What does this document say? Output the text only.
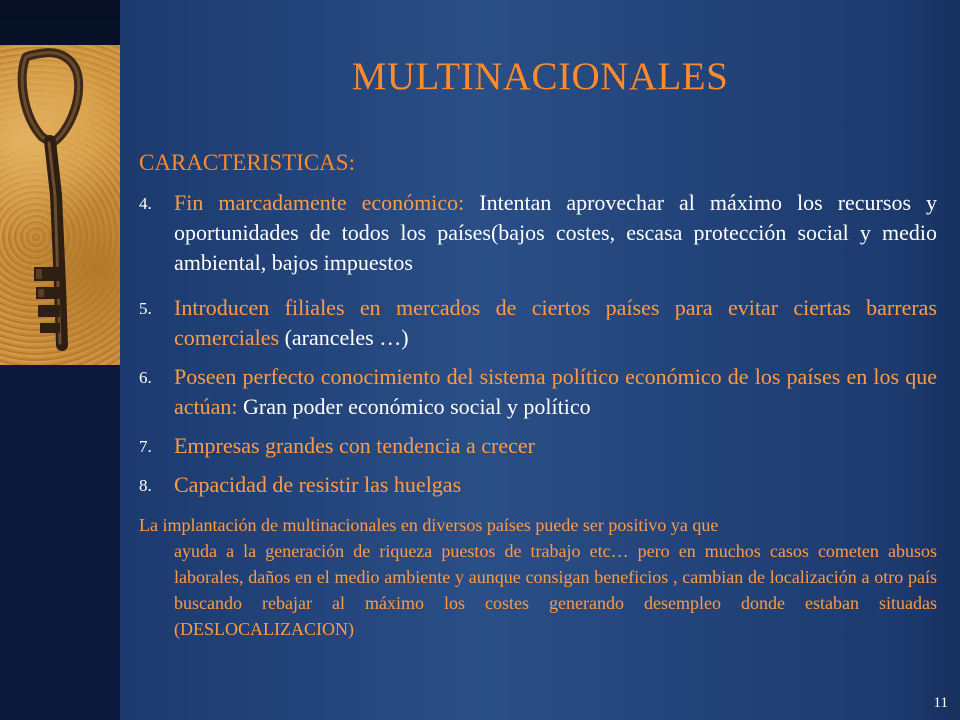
MULTINACIONALES
CARACTERISTICAS:
4. Fin marcadamente económico: Intentan aprovechar al máximo los recursos y oportunidades de todos los países(bajos costes, escasa protección social y medio ambiental, bajos impuestos
5. Introducen filiales en mercados de ciertos países para evitar ciertas barreras comerciales (aranceles …)
6. Poseen perfecto conocimiento del sistema político económico de los países en los que actúan: Gran poder económico social y político
7. Empresas grandes con tendencia a crecer
8. Capacidad de resistir las huelgas
La implantación de multinacionales en diversos países puede ser positivo ya que
ayuda a la generación de riqueza puestos de trabajo etc… pero en muchos casos cometen abusos laborales, daños en el medio ambiente y aunque consigan beneficios , cambian de localización a otro país buscando rebajar al máximo los costes generando desempleo donde estaban situadas (DESLOCALIZACION)
11
